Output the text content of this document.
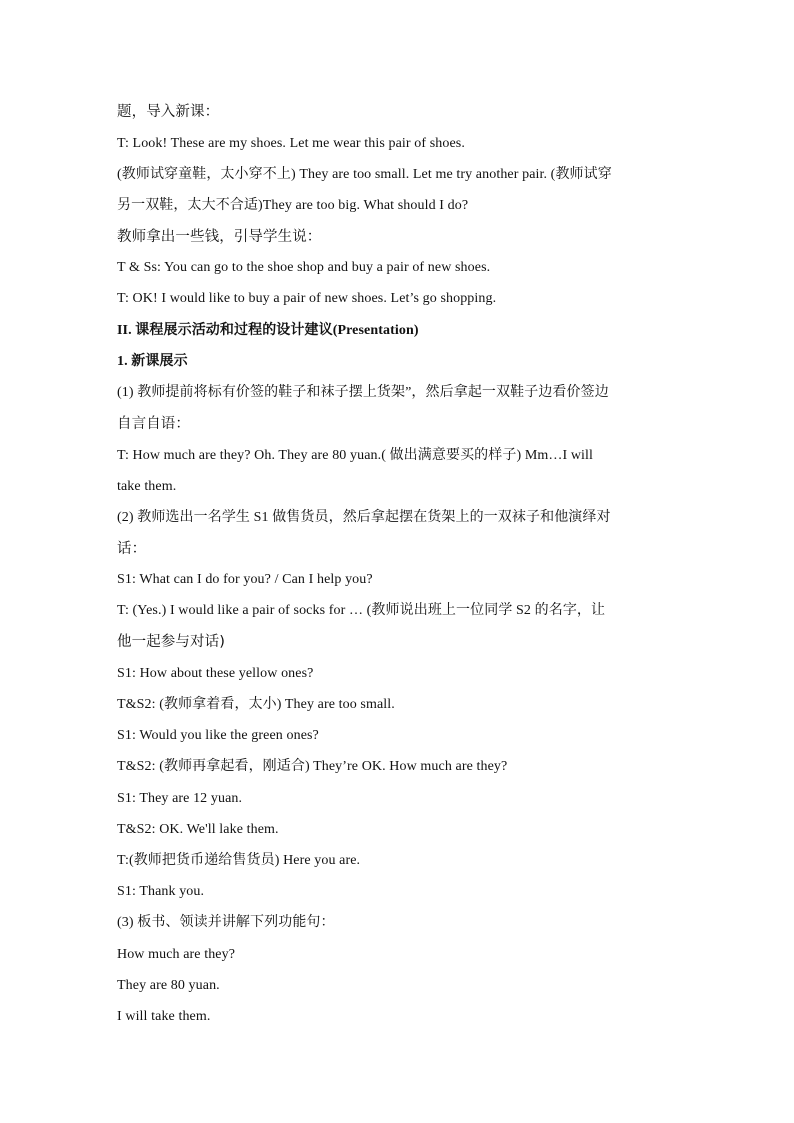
题，导入新课：
T: Look! These are my shoes. Let me wear this pair of shoes.
(教师试穿童鞋，太小穿不上) They are too small. Let me try another pair. (教师试穿
另一双鞋，太大不合适)They are too big. What should I do?
教师拿出一些钱，引导学生说：
T & Ss: You can go to the shoe shop and buy a pair of new shoes.
T: OK! I would like to buy a pair of new shoes. Let’s go shopping.
II. 课程展示活动和过程的设计建议(Presentation)
1. 新课展示
(1) 教师提前将标有价签的鞋子和袜子摆上货架”，然后拿起一双鞋子边看价签边
自言自语：
T: How much are they? Oh. They are 80 yuan.( 做出满意要买的样子) Mm…I will
take them.
(2) 教师选出一名学生 S1 做售货员，然后拿起摆在货架上的一双袜子和他演绎对
话：
S1: What can I do for you? / Can I help you?
T: (Yes.) I would like a pair of socks for … (教师说出班上一位同学 S2 的名字，让
他一起参与对话)
S1: How about these yellow ones?
T&S2: (教师拿着看，太小) They are too small.
S1: Would you like the green ones?
T&S2: (教师再拿起看，刚适合) They’re OK. How much are they?
S1: They are 12 yuan.
T&S2: OK. We'll lake them.
T:(教师把货币递给售货员) Here you are.
S1: Thank you.
(3) 板书、领读并讲解下列功能句：
How much are they?
They are 80 yuan.
I will take them.
